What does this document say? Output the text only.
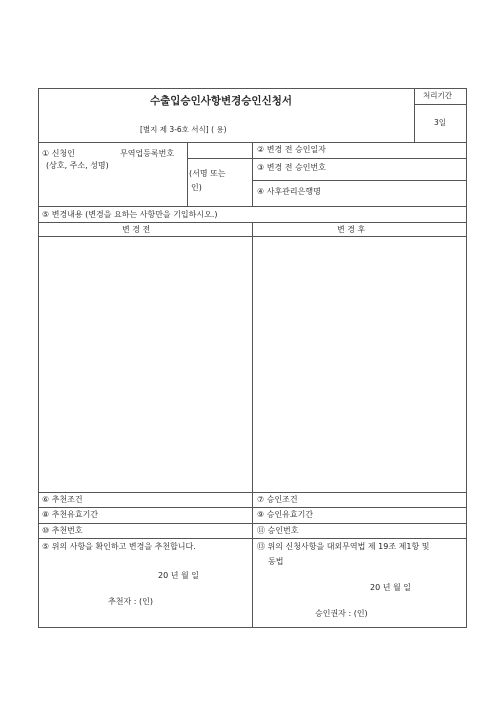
수출입승인사항변경승인신청서
[별지 제 3-6호 서식] ( 용)
처리기간
3일
① 신청인	무역업등록번호
(상호, 주소, 성명)
(서명 또는
인)
② 변경 전 승인일자
③ 변경 전 승인번호
④ 사후관리은행명
⑤ 변경내용 (변경을 요하는 사항만을 기입하시오.)
변 경 전	변 경 후
⑥ 추천조건	⑦ 승인조건
⑧ 추천유효기간	⑨ 승인유효기간
⑩ 추천번호	⑪ 승인번호
⑤ 위의 사항을 확인하고 변경을 추천합니다.
20 년 월 일
추천자 : (인)
⑬ 위의 신청사항을 대외무역법 제 19조 제1항 및
동법
20 년 월 일
승인권자 : (인)
